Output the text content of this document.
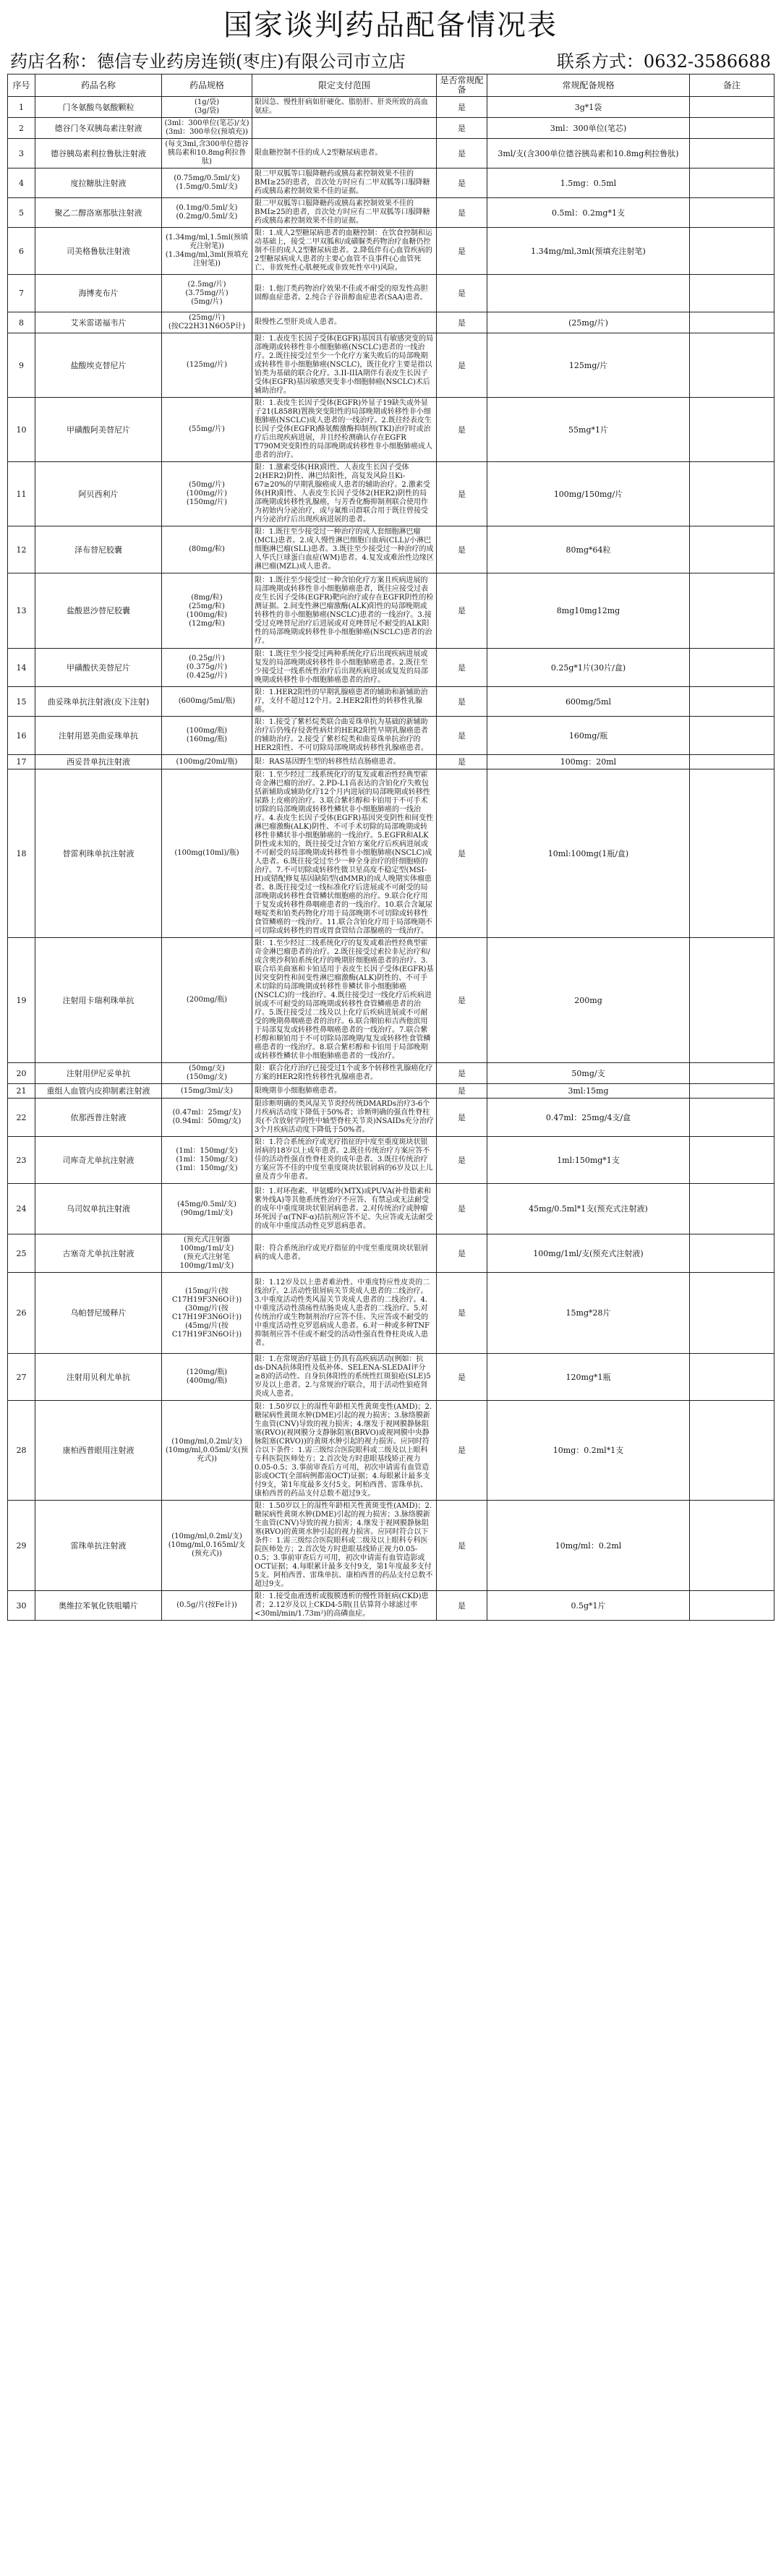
国家谈判药品配备情况表
药店名称：德信专业药房连锁(枣庄)有限公司市立店	联系方式：0632-3586688
序号	药品名称	药品规格	限定支付范围	是否常规配备	常规配备规格	备注
1	门冬氨酸鸟氨酸颗粒	(1g/袋)
(3g/袋)	限因急、慢性肝病如肝硬化、脂肪肝、肝炎所致的高血氨症。	是	3g*1袋	
2	德谷门冬双胰岛素注射液	(3ml：300单位(笔芯)/支)
(3ml：300单位(预填充))		是	3ml：300单位(笔芯)	
3	德谷胰岛素利拉鲁肽注射液	(每支3ml,含300单位德谷胰岛素和10.8mg利拉鲁肽)	限血糖控制不佳的成人2型糖尿病患者。	是	3ml/支(含300单位德谷胰岛素和10.8mg利拉鲁肽)	
4	度拉糖肽注射液	(0.75mg/0.5ml/支)
(1.5mg/0.5ml/支)	限二甲双胍等口服降糖药或胰岛素控制效果不佳的BMI≥25的患者，首次处方时应有二甲双胍等口服降糖药或胰岛素控制效果不佳的证据。	是	1.5mg：0.5ml	
5	聚乙二醇洛塞那肽注射液	(0.1mg/0.5ml/支)
(0.2mg/0.5ml/支)	限二甲双胍等口服降糖药或胰岛素控制效果不佳的BMI≥25的患者，首次处方时应有二甲双胍等口服降糖药或胰岛素控制效果不佳的证据。	是	0.5ml：0.2mg*1支	
6	司美格鲁肽注射液	(1.34mg/ml,1.5ml(预填充注射笔))
(1.34mg/ml,3ml(预填充注射笔))	限：1.成人2型糖尿病患者的血糖控制：在饮食控制和运动基础上，接受二甲双胍和/或磺脲类药物治疗血糖仍控制不佳的成人2型糖尿病患者。2.降低伴有心血管疾病的2型糖尿病成人患者的主要心血管不良事件(心血管死亡、非致死性心肌梗死或非致死性卒中)风险。	是	1.34mg/ml,3ml(预填充注射笔)	
7	海博麦布片	(2.5mg/片)
(3.75mg/片)
(5mg/片)	限：1.他汀类药物治疗效果不佳或不耐受的原发性高胆固醇血症患者。2.纯合子谷甾醇血症患者(SAA)患者。	是		
8	艾米雷诺福韦片	(25mg/片)
(按C22H31N6O5P计)	限慢性乙型肝炎成人患者。	是	(25mg/片)	
9	盐酸埃克替尼片	(125mg/片)	限：1.表皮生长因子受体(EGFR)基因具有敏感突变的局部晚期或转移性非小细胞肺癌(NSCLC)患者的一线治疗。2.既往接受过至少一个化疗方案失败后的局部晚期或转移性非小细胞肺癌(NSCLC)，既往化疗主要是指以铂类为基础的联合化疗。3.II-IIIA期伴有表皮生长因子受体(EGFR)基因敏感突变非小细胞肺癌(NSCLC)术后辅助治疗。	是	125mg/片	
10	甲磺酸阿美替尼片	(55mg/片)	限：1.表皮生长因子受体(EGFR)外显子19缺失或外显子21(L858R)置换突变阳性的局部晚期或转移性非小细胞肺癌(NSCLC)成人患者的一线治疗。2.既往经表皮生长因子受体(EGFR)酪氨酸激酶抑制剂(TKI)治疗时或治疗后出现疾病进展，并且经检测确认存在EGFR T790M突变阳性的局部晚期或转移性非小细胞肺癌成人患者的治疗。	是	55mg*1片	
11	阿贝西利片	(50mg/片)
(100mg/片)
(150mg/片)	限：1.激素受体(HR)阳性、人表皮生长因子受体2(HER2)阴性、淋巴结阳性，高复发风险且Ki-67≥20%的早期乳腺癌成人患者的辅助治疗。2.激素受体(HR)阳性、人表皮生长因子受体2(HER2)阴性的局部晚期或转移性乳腺癌，与芳香化酶抑制剂联合使用作为初始内分泌治疗，或与氟维司群联合用于既往曾接受内分泌治疗后出现疾病进展的患者。	是	100mg/150mg/片	
12	泽布替尼胶囊	(80mg/粒)	限：1.既往至少接受过一种治疗的成人套细胞淋巴瘤(MCL)患者。2.成人慢性淋巴细胞白血病(CLL)/小淋巴细胞淋巴瘤(SLL)患者。3.既往至少接受过一种治疗的成人华氏巨球蛋白血症(WM)患者。4.复发或难治性边缘区淋巴瘤(MZL)成人患者。	是	80mg*64粒	
13	盐酸恩沙替尼胶囊	(8mg/粒)
(25mg/粒)
(100mg/粒)
(12mg/粒)	限：1.既往至少接受过一种含铂化疗方案且疾病进展的局部晚期或转移性非小细胞肺癌患者，既往应接受过表皮生长因子受体(EGFR)靶向治疗或存在EGFR阴性的检测证据。2.间变性淋巴瘤激酶(ALK)阳性的局部晚期或转移性的非小细胞肺癌(NSCLC)患者的一线治疗。3.接受过克唑替尼治疗后进展或对克唑替尼不耐受的ALK阳性的局部晚期或转移性非小细胞肺癌(NSCLC)患者的治疗。	是	8mg10mg12mg	
14	甲磺酸伏美替尼片	(0.25g/片)
(0.375g/片)
(0.425g/片)	限：1.既往至少接受过两种系统化疗后出现疾病进展或复发的局部晚期或转移性非小细胞肺癌患者。2.既往至少接受过一线系统性治疗后出现疾病进展或复发的局部晚期或转移性非小细胞肺癌患者的治疗。	是	0.25g*1片(30片/盒)	
15	曲妥珠单抗注射液(皮下注射)	(600mg/5ml/瓶)	限：1.HER2阳性的早期乳腺癌患者的辅助和新辅助治疗，支付不超过12个月。2.HER2阳性的转移性乳腺癌。	是	600mg/5ml	
16	注射用恩美曲妥珠单抗	(100mg/瓶)
(160mg/瓶)	限：1.接受了紫杉烷类联合曲妥珠单抗为基础的新辅助治疗后仍残存侵袭性病灶的HER2阳性早期乳腺癌患者的辅助治疗。2.接受了紫杉烷类和曲妥珠单抗治疗的HER2阳性、不可切除局部晚期或转移性乳腺癌患者。	是	160mg/瓶	
17	西妥昔单抗注射液	(100mg/20ml/瓶)	限：RAS基因野生型的转移性结直肠癌患者。	是	100mg：20ml	
18	替雷利珠单抗注射液	(100mg(10ml)/瓶)	限：1.至少经过二线系统化疗的复发或难治性经典型霍奇金淋巴瘤的治疗。2.PD-L1高表达的含铂化疗失败包括新辅助或辅助化疗12个月内进展的局部晚期或转移性尿路上皮癌的治疗。3.联合紫杉醇和卡铂用于不可手术切除的局部晚期或转移性鳞状非小细胞肺癌的一线治疗。4.表皮生长因子受体(EGFR)基因突变阴性和间变性淋巴瘤激酶(ALK)阴性、不可手术切除的局部晚期或转移性非鳞状非小细胞肺癌的一线治疗。5.EGFR和ALK阴性或未知的，既往接受过含铂方案化疗后疾病进展或不可耐受的局部晚期或转移性非小细胞肺癌(NSCLC)成人患者。6.既往接受过至少一种全身治疗的肝细胞癌的治疗。7.不可切除或转移性微卫星高度不稳定型(MSI-H)或错配修复基因缺陷型(dMMR)的成人晚期实体瘤患者。8.既往接受过一线标准化疗后进展或不可耐受的局部晚期或转移性食管鳞状细胞癌的治疗。9.联合化疗用于复发或转移性鼻咽癌患者的一线治疗。10.联合含氟尿嘧啶类和铂类药物化疗用于局部晚期不可切除或转移性食管鳞癌的一线治疗。11.联合含铂化疗用于局部晚期不可切除或转移性的胃或胃食管结合部腺癌的一线治疗。	是	10ml:100mg(1瓶/盒)	
19	注射用卡瑞利珠单抗	(200mg/瓶)	限：1.至少经过二线系统化疗的复发或难治性经典型霍奇金淋巴瘤患者的治疗。2.既往接受过索拉非尼治疗和/或含奥沙利铂系统化疗的晚期肝细胞癌患者的治疗。3.联合培美曲塞和卡铂适用于表皮生长因子受体(EGFR)基因突变阴性和间变性淋巴瘤激酶(ALK)阴性的、不可手术切除的局部晚期或转移性非鳞状非小细胞肺癌(NSCLC)的一线治疗。4.既往接受过一线化疗后疾病进展或不可耐受的局部晚期或转移性食管鳞癌患者的治疗。5.既往接受过二线及以上化疗后疾病进展或不可耐受的晚期鼻咽癌患者的治疗。6.联合顺铂和吉西他滨用于局部复发或转移性鼻咽癌患者的一线治疗。7.联合紫杉醇和顺铂用于不可切除局部晚期/复发或转移性食管鳞癌患者的一线治疗。8.联合紫杉醇和卡铂用于局部晚期或转移性鳞状非小细胞肺癌患者的一线治疗。	是	200mg	
20	注射用伊尼妥单抗	(50mg/支)
(150mg/支)	限：联合化疗治疗已接受过1个或多个转移性乳腺癌化疗方案的HER2阳性转移性乳腺癌患者。	是	50mg/支	
21	重组人血管内皮抑制素注射液	(15mg/3ml/支)	限晚期非小细胞肺癌患者。	是	3ml:15mg	
22	依那西普注射液	(0.47ml：25mg/支)
(0.94ml：50mg/支)	限诊断明确的类风湿关节炎经传统DMARDs治疗3-6个月疾病活动度下降低于50%者；诊断明确的强直性脊柱炎(不含放射学阴性中轴型脊柱关节炎)NSAIDs充分治疗3个月疾病活动度下降低于50%者。	是	0.47ml：25mg/4支/盒	
23	司库奇尤单抗注射液	(1ml：150mg/支)
(1ml：150mg/支)
(1ml：150mg/支)	限：1.符合系统治疗或光疗指征的中度至重度斑块状银屑病的18岁以上成年患者。2.既往传统治疗方案应答不佳的活动性强直性脊柱炎的成年患者。3.既往传统治疗方案应答不佳的中度至重度斑块状银屑病的6岁及以上儿童及青少年患者。	是	1ml:150mg*1支	
24	乌司奴单抗注射液	(45mg/0.5ml/支)
(90mg/1ml/支)	限：1.对环孢素、甲氨蝶呤(MTX)或PUVA(补骨脂素和紫外线A)等其他系统性治疗不应答、有禁忌或无法耐受的成年中重度斑块状银屑病患者。2.对传统治疗或肿瘤坏死因子α(TNF-α)拮抗剂应答不足、失应答或无法耐受的成年中重度活动性克罗恩病患者。	是	45mg/0.5ml*1支(预充式注射液)	
25	古塞奇尤单抗注射液	(预充式注射器100mg/1ml/支)
(预充式注射笔100mg/1ml/支)	限：符合系统治疗或光疗指征的中度至重度斑块状银屑病的成人患者。	是	100mg/1ml/支(预充式注射液)	
26	乌帕替尼缓释片	(15mg/片(按C17H19F3N6O计))
(30mg/片(按C17H19F3N6O计))
(45mg/片(按C17H19F3N6O计))	限：1.12岁及以上患者难治性、中重度特应性皮炎的二线治疗。2.活动性银屑病关节炎成人患者的二线治疗。3.中重度活动性类风湿关节炎成人患者的二线治疗。4.中重度活动性溃疡性结肠炎成人患者的二线治疗。5.对传统治疗或生物制剂治疗应答不佳、失应答或不耐受的中重度活动性克罗恩病成人患者。6.对一种或多种TNF抑制剂应答不佳或不耐受的活动性强直性脊柱炎成人患者。	是	15mg*28片	
27	注射用贝利尤单抗	(120mg/瓶)
(400mg/瓶)	限：1.在常规治疗基础上仍具有高疾病活动(例如：抗ds-DNA抗体阳性及低补体、SELENA-SLEDAI评分≥8)的活动性、自身抗体阳性的系统性红斑狼疮(SLE)5岁及以上患者。2.与常规治疗联合，用于活动性狼疮肾炎成人患者。	是	120mg*1瓶	
28	康柏西普眼用注射液	(10mg/ml,0.2ml/支)
(10mg/ml,0.05ml/支(预充式))	限：1.50岁以上的湿性年龄相关性黄斑变性(AMD)；2.糖尿病性黄斑水肿(DME)引起的视力损害；3.脉络膜新生血管(CNV)导致的视力损害；4.继发于视网膜静脉阻塞(RVO)(视网膜分支静脉阻塞(BRVO)或视网膜中央静脉阻塞(CRVO))的黄斑水肿引起的视力损害。应同时符合以下条件：1.需三级综合医院眼科或二级及以上眼科专科医院医师处方；2.首次处方时患眼基线矫正视力0.05-0.5；3.事前审查后方可用，初次申请需有血管造影或OCT(全部病例都需OCT)证据；4.每眼累计最多支付9支，第1年度最多支付5支。阿柏西普、雷珠单抗、康柏西普的药品支付总数不超过9支。	是	10mg：0.2ml*1支	
29	雷珠单抗注射液	(10mg/ml,0.2ml/支)
(10mg/ml,0.165ml/支(预充式))	限：1.50岁以上的湿性年龄相关性黄斑变性(AMD)；2.糖尿病性黄斑水肿(DME)引起的视力损害；3.脉络膜新生血管(CNV)导致的视力损害；4.继发于视网膜静脉阻塞(RVO)的黄斑水肿引起的视力损害。应同时符合以下条件：1.需三级综合医院眼科或二级及以上眼科专科医院医师处方；2.首次处方时患眼基线矫正视力0.05-0.5；3.事前审查后方可用，初次申请需有血管造影或OCT证据；4.每眼累计最多支付9支，第1年度最多支付5支。阿柏西普、雷珠单抗、康柏西普的药品支付总数不超过9支。	是	10mg/ml：0.2ml	
30	奥维拉苯氧化铁咀嚼片	(0.5g/片(按Fe计))	限：1.接受血液透析或腹膜透析的慢性肾脏病(CKD)患者；2.12岁及以上CKD4-5期(且估算肾小球滤过率<30ml/min/1.73m²)的高磷血症。	是	0.5g*1片	
